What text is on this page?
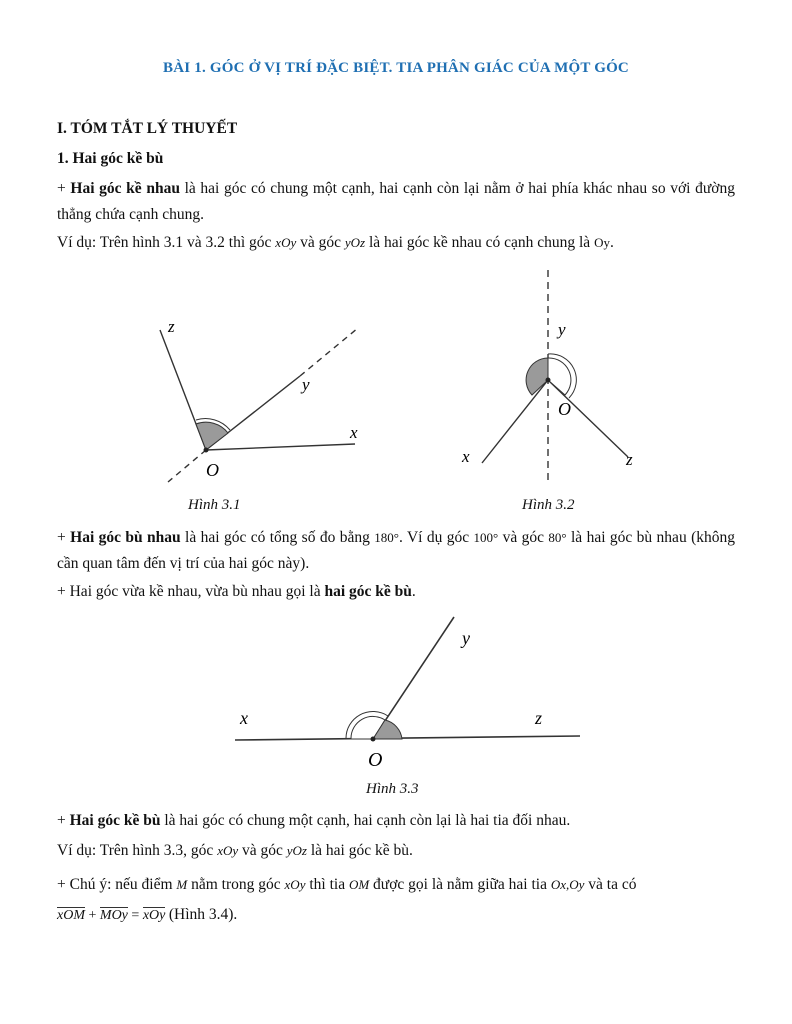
BÀI 1. GÓC Ở VỊ TRÍ ĐẶC BIỆT. TIA PHÂN GIÁC CỦA MỘT GÓC
I. TÓM TẮT LÝ THUYẾT
1. Hai góc kề bù
+ Hai góc kề nhau là hai góc có chung một cạnh, hai cạnh còn lại nằm ở hai phía khác nhau so với đường thẳng chứa cạnh chung.
Ví dụ: Trên hình 3.1 và 3.2 thì góc xOy và góc yOz là hai góc kề nhau có cạnh chung là Oy.
z
y
x
O
Hình 3.1
y
O
x	z
Hình 3.2
+ Hai góc bù nhau là hai góc có tổng số đo bằng 180°. Ví dụ góc 100° và góc 80° là hai góc bù nhau (không cần quan tâm đến vị trí của hai góc này).
+ Hai góc vừa kề nhau, vừa bù nhau gọi là hai góc kề bù.
x
y
z
O
Hình 3.3
+ Hai góc kề bù là hai góc có chung một cạnh, hai cạnh còn lại là hai tia đối nhau.
Ví dụ: Trên hình 3.3, góc xOy và góc yOz là hai góc kề bù.
+ Chú ý: nếu điểm M nằm trong góc xOy thì tia OM được gọi là nằm giữa hai tia Ox,Oy và ta có
xOM + MOy = xOy (Hình 3.4).
